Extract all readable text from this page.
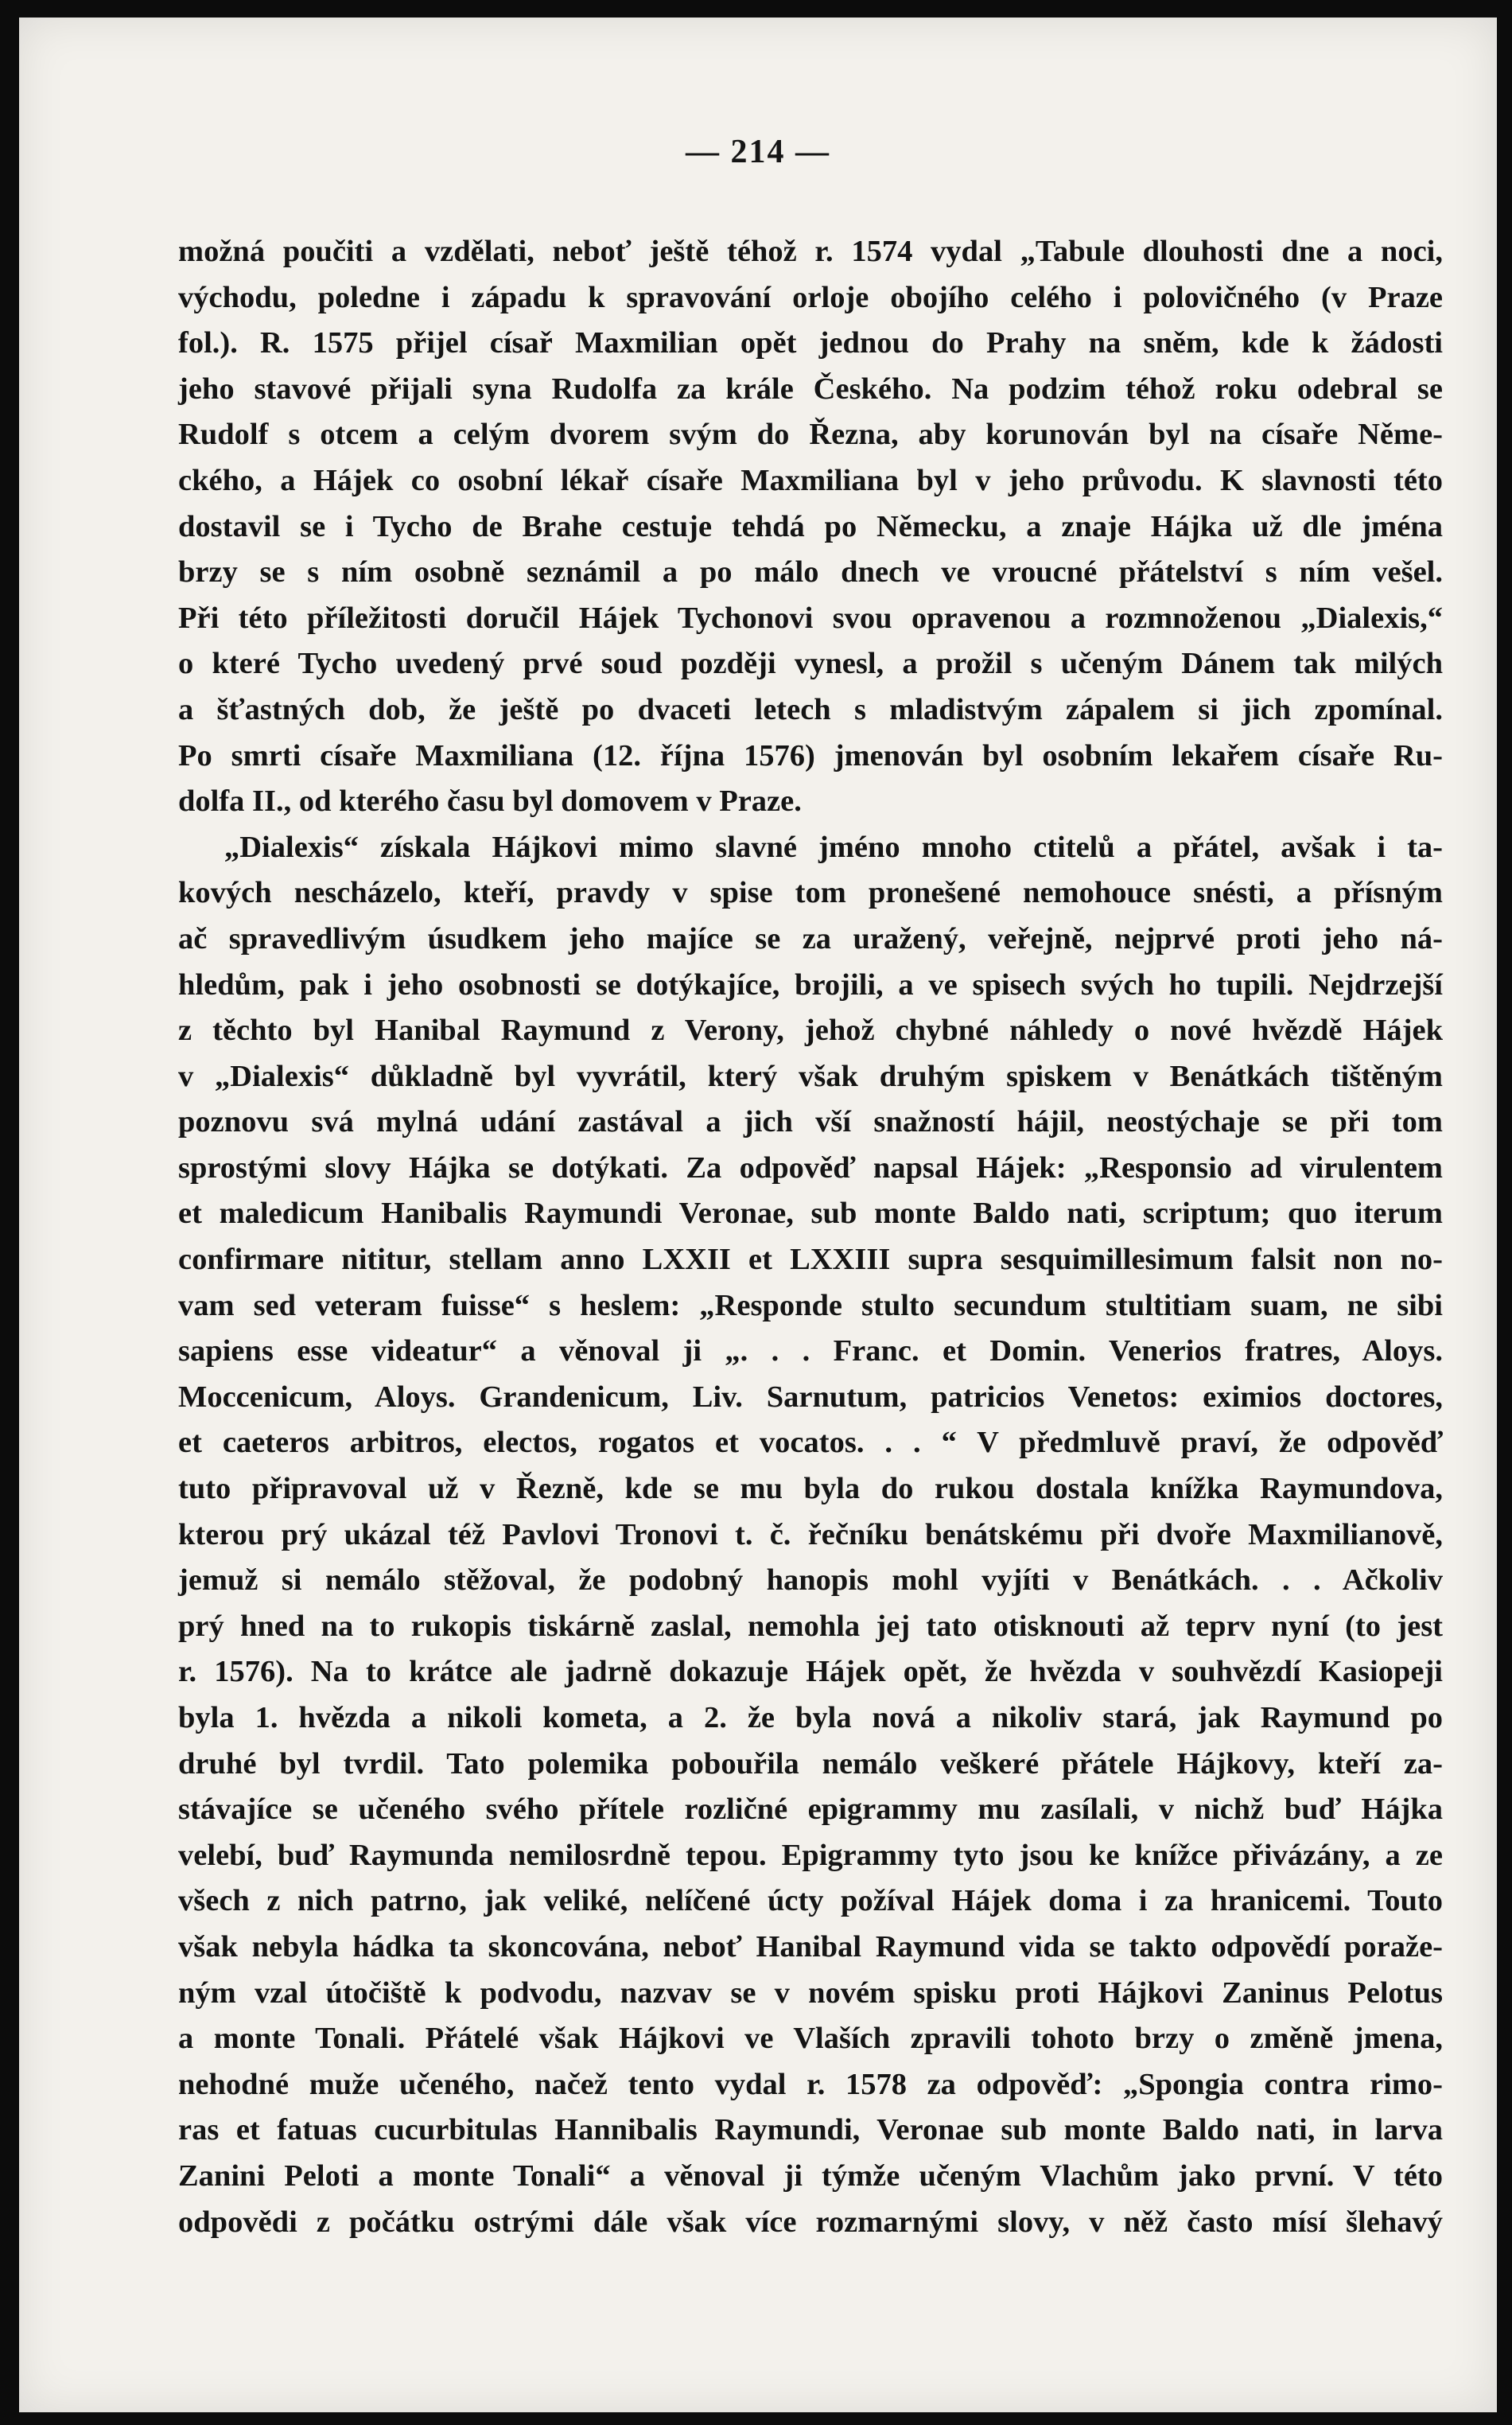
— 214 —
možná poučiti a vzdělati, neboť ještě téhož r. 1574 vydal „Tabule dlouhosti dne a noci,
východu, poledne i západu k spravování orloje obojího celého i polovičného (v Praze
fol.). R. 1575 přijel císař Maxmilian opět jednou do Prahy na sněm, kde k žádosti
jeho stavové přijali syna Rudolfa za krále Českého. Na podzim téhož roku odebral se
Rudolf s otcem a celým dvorem svým do Řezna, aby korunován byl na císaře Něme-
ckého, a Hájek co osobní lékař císaře Maxmiliana byl v jeho průvodu. K slavnosti této
dostavil se i Tycho de Brahe cestuje tehdá po Německu, a znaje Hájka už dle jména
brzy se s ním osobně seznámil a po málo dnech ve vroucné přátelství s ním vešel.
Při této příležitosti doručil Hájek Tychonovi svou opravenou a rozmnoženou „Dialexis,“
o které Tycho uvedený prvé soud později vynesl, a prožil s učeným Dánem tak milých
a šťastných dob, že ještě po dvaceti letech s mladistvým zápalem si jich zpomínal.
Po smrti císaře Maxmiliana (12. října 1576) jmenován byl osobním lekařem císaře Ru-
dolfa II., od kterého času byl domovem v Praze.
„Dialexis“ získala Hájkovi mimo slavné jméno mnoho ctitelů a přátel, avšak i ta-
kových nescházelo, kteří, pravdy v spise tom pronešené nemohouce snésti, a přísným
ač spravedlivým úsudkem jeho majíce se za uražený, veřejně, nejprvé proti jeho ná-
hledům, pak i jeho osobnosti se dotýkajíce, brojili, a ve spisech svých ho tupili. Nejdrzejší
z těchto byl Hanibal Raymund z Verony, jehož chybné náhledy o nové hvězdě Hájek
v „Dialexis“ důkladně byl vyvrátil, který však druhým spiskem v Benátkách tištěným
poznovu svá mylná udání zastával a jich vší snažností hájil, neostýchaje se při tom
sprostými slovy Hájka se dotýkati. Za odpověď napsal Hájek: „Responsio ad virulentem
et maledicum Hanibalis Raymundi Veronae, sub monte Baldo nati, scriptum; quo iterum
confirmare nititur, stellam anno LXXII et LXXIII supra sesquimillesimum falsit non no-
vam sed veteram fuisse“ s heslem: „Responde stulto secundum stultitiam suam, ne sibi
sapiens esse videatur“ a věnoval ji „. . . Franc. et Domin. Venerios fratres, Aloys.
Moccenicum, Aloys. Grandenicum, Liv. Sarnutum, patricios Venetos: eximios doctores,
et caeteros arbitros, electos, rogatos et vocatos. . . “ V předmluvě praví, že odpověď
tuto připravoval už v Řezně, kde se mu byla do rukou dostala knížka Raymundova,
kterou prý ukázal též Pavlovi Tronovi t. č. řečníku benátskému při dvoře Maxmilianově,
jemuž si nemálo stěžoval, že podobný hanopis mohl vyjíti v Benátkách. . . Ačkoliv
prý hned na to rukopis tiskárně zaslal, nemohla jej tato otisknouti až teprv nyní (to jest
r. 1576). Na to krátce ale jadrně dokazuje Hájek opět, že hvězda v souhvězdí Kasiopeji
byla 1. hvězda a nikoli kometa, a 2. že byla nová a nikoliv stará, jak Raymund po
druhé byl tvrdil. Tato polemika pobouřila nemálo veškeré přátele Hájkovy, kteří za-
stávajíce se učeného svého přítele rozličné epigrammy mu zasílali, v nichž buď Hájka
velebí, buď Raymunda nemilosrdně tepou. Epigrammy tyto jsou ke knížce přivázány, a ze
všech z nich patrno, jak veliké, nelíčené úcty požíval Hájek doma i za hranicemi. Touto
však nebyla hádka ta skoncována, neboť Hanibal Raymund vida se takto odpovědí poraže-
ným vzal útočiště k podvodu, nazvav se v novém spisku proti Hájkovi Zaninus Pelotus
a monte Tonali. Přátelé však Hájkovi ve Vlaších zpravili tohoto brzy o změně jmena,
nehodné muže učeného, načež tento vydal r. 1578 za odpověď: „Spongia contra rimo-
ras et fatuas cucurbitulas Hannibalis Raymundi, Veronae sub monte Baldo nati, in larva
Zanini Peloti a monte Tonali“ a věnoval ji týmže učeným Vlachům jako první. V této
odpovědi z počátku ostrými dále však více rozmarnými slovy, v něž často mísí šlehavý
